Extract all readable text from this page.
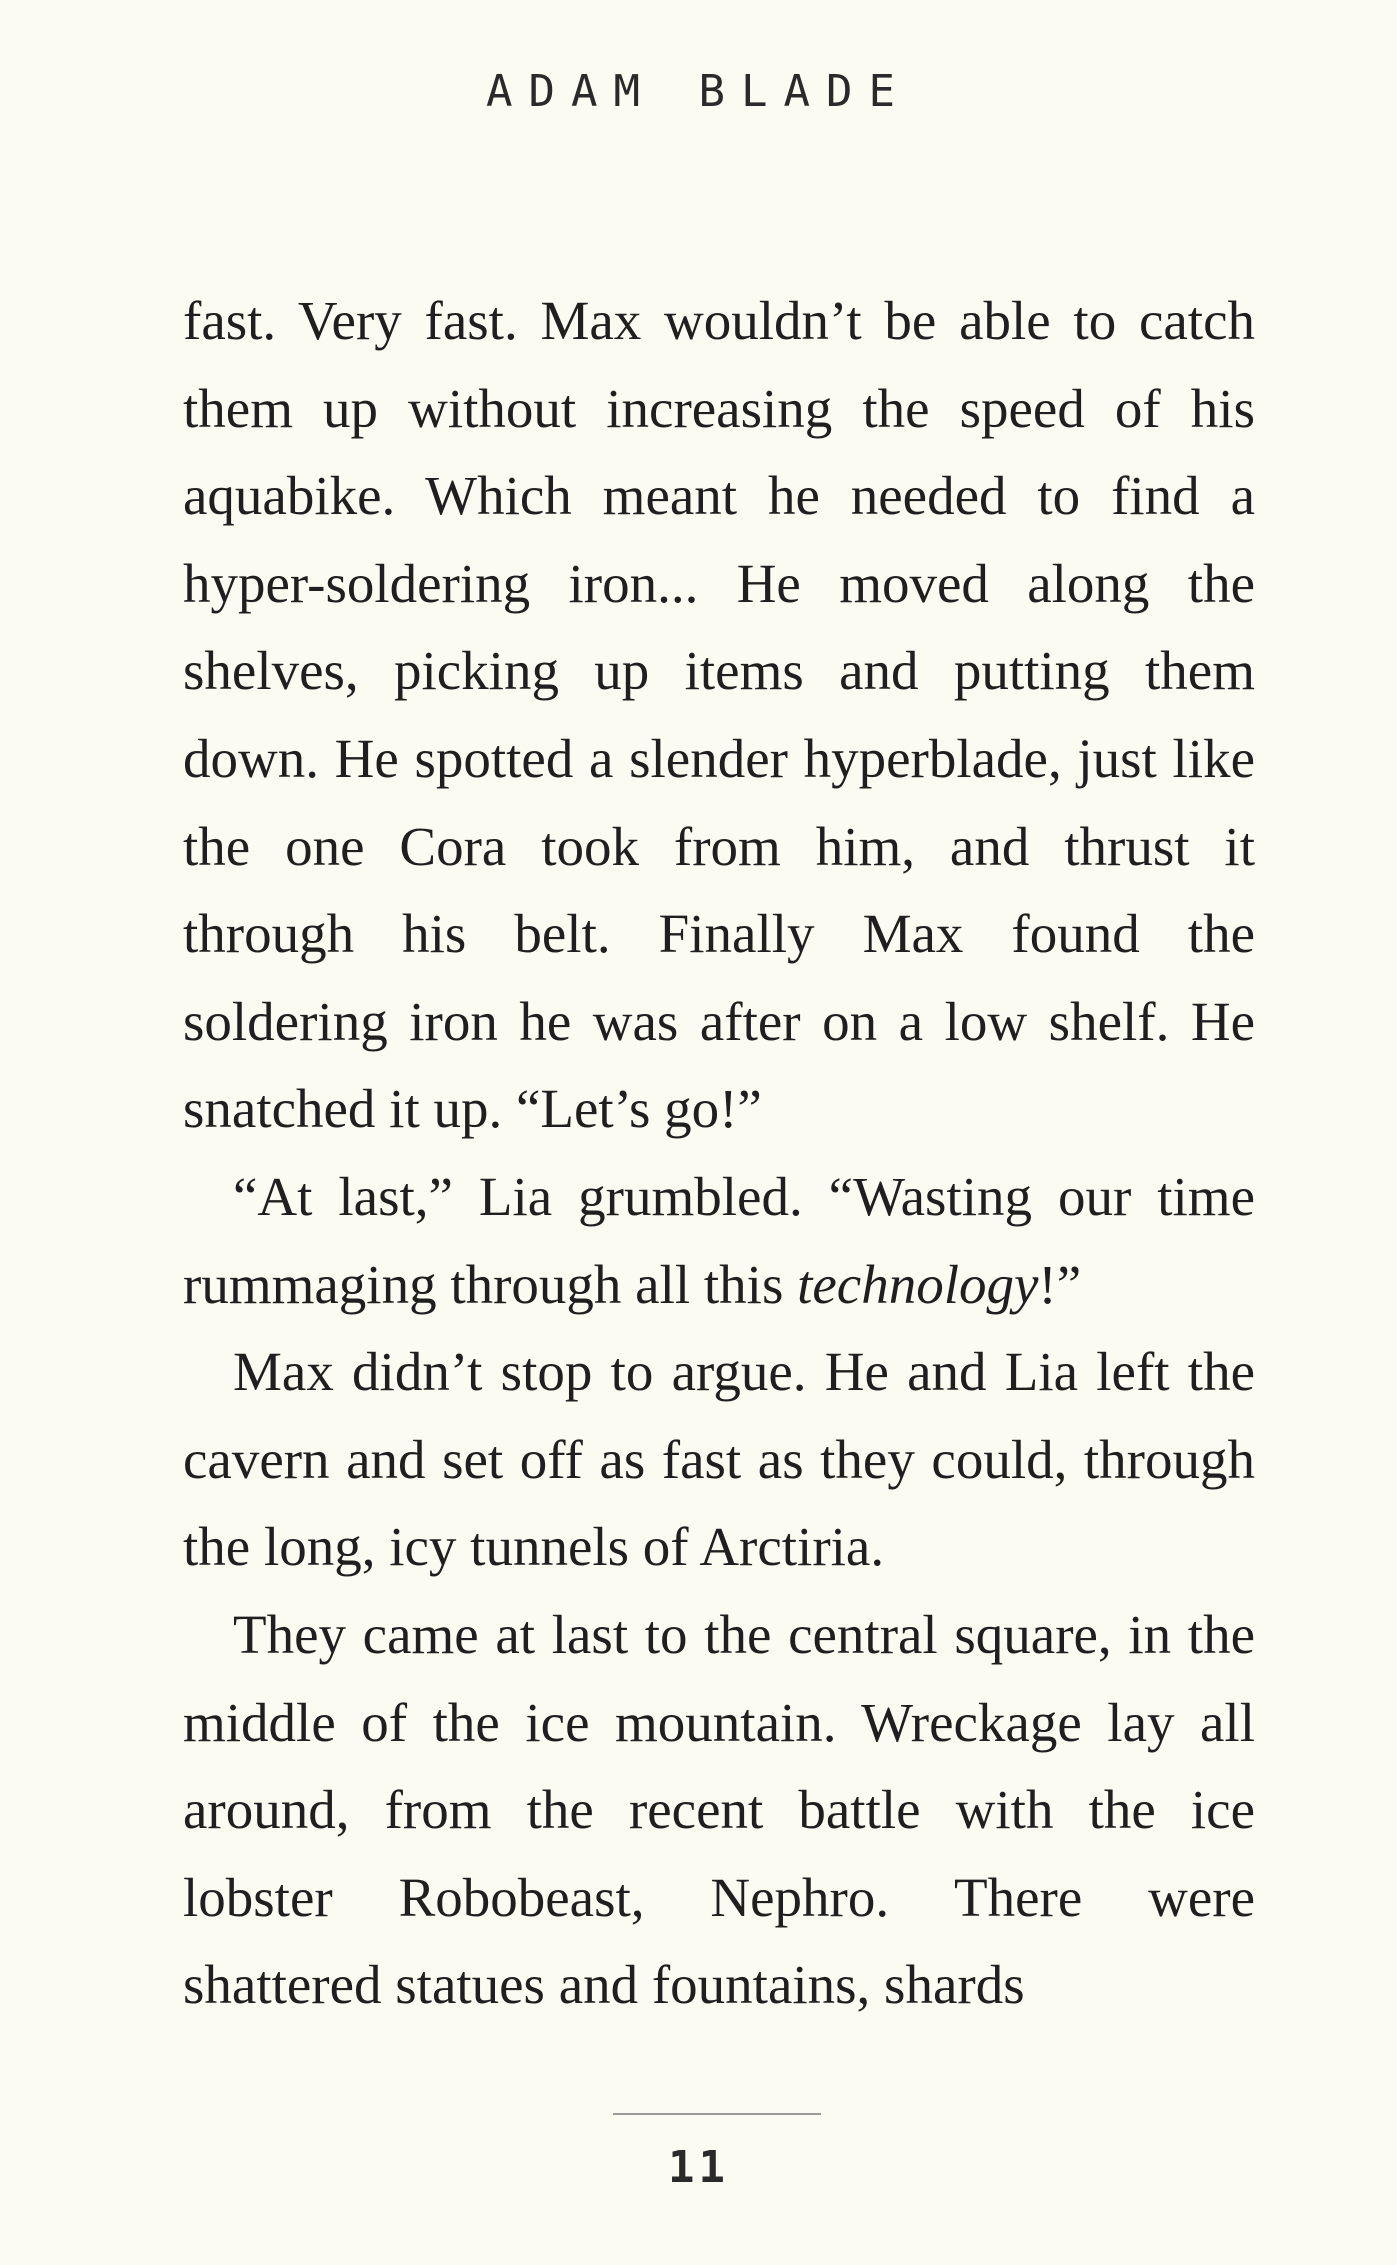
ADAM BLADE

fast. Very fast. Max wouldn’t be able to catch them up without increasing the speed of his aquabike. Which meant he needed to find a hyper-soldering iron... He moved along the shelves, picking up items and putting them down. He spotted a slender hyperblade, just like the one Cora took from him, and thrust it through his belt. Finally Max found the soldering iron he was after on a low shelf. He snatched it up. “Let’s go!”

“At last,” Lia grumbled. “Wasting our time rummaging through all this technology!”

Max didn’t stop to argue. He and Lia left the cavern and set off as fast as they could, through the long, icy tunnels of Arctiria.

They came at last to the central square, in the middle of the ice mountain. Wreckage lay all around, from the recent battle with the ice lobster Robobeast, Nephro. There were shattered statues and fountains, shards

11
